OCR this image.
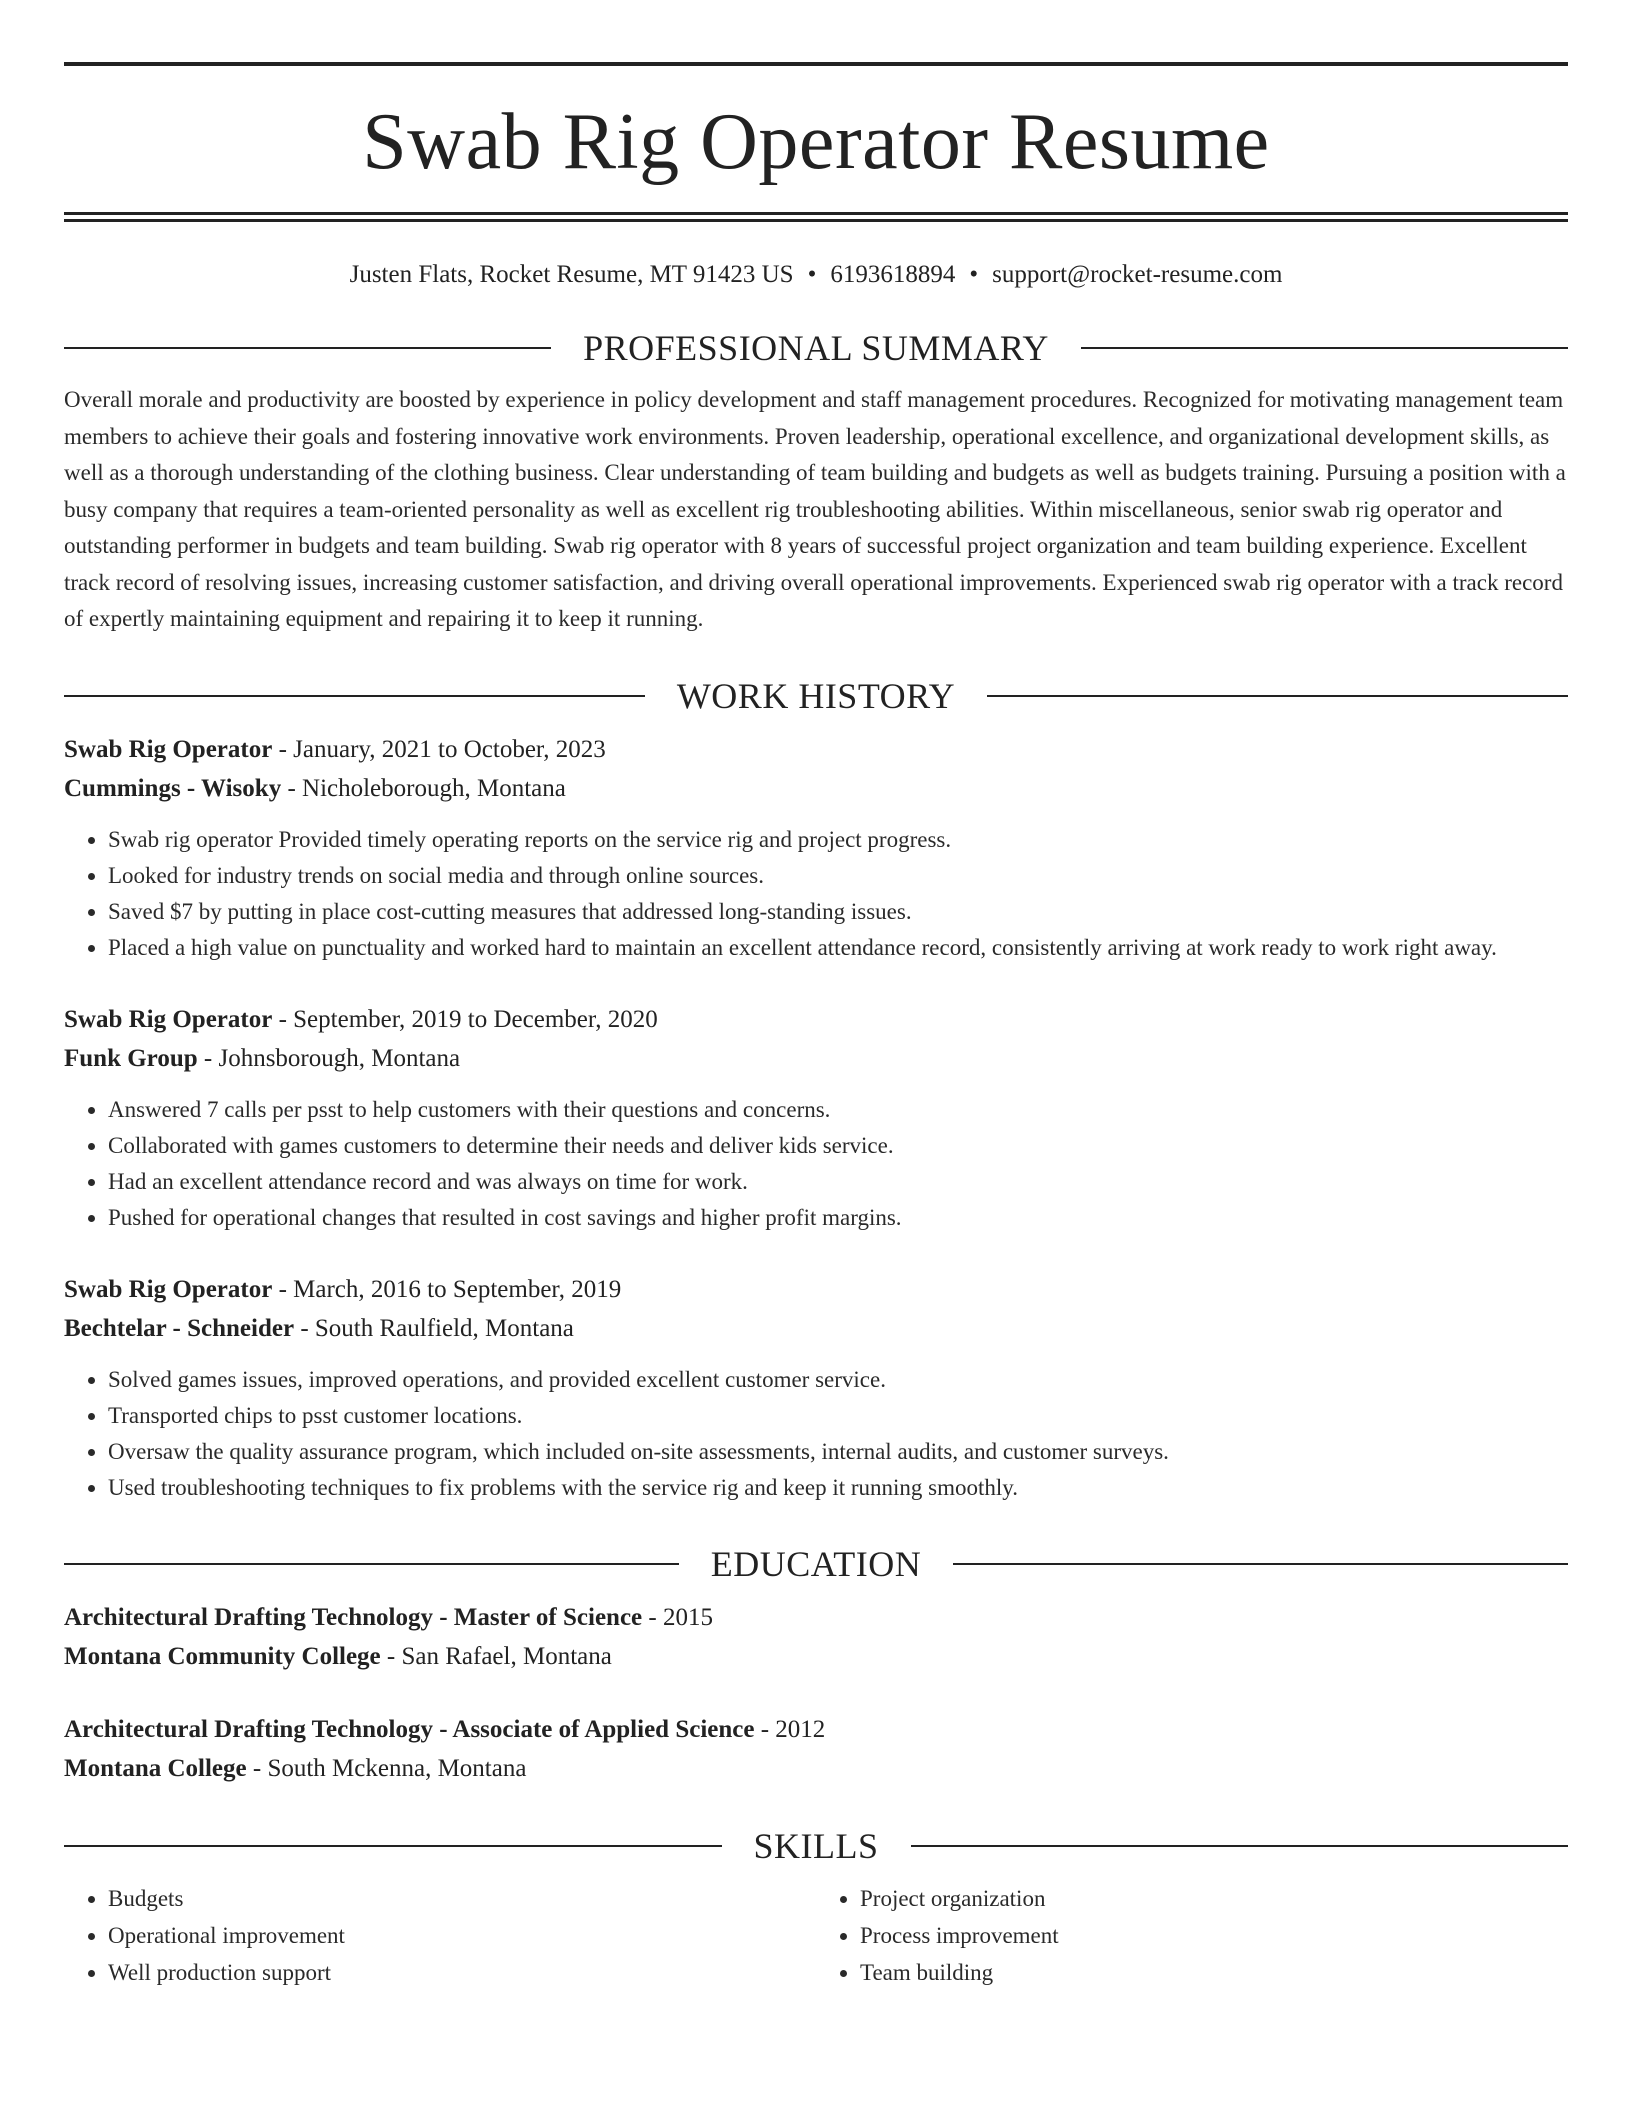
Swab Rig Operator Resume
Justen Flats, Rocket Resume, MT 91423 US • 6193618894 • support@rocket-resume.com
PROFESSIONAL SUMMARY

Overall morale and productivity are boosted by experience in policy development and staff management procedures. Recognized for motivating management team members to achieve their goals and fostering innovative work environments. Proven leadership, operational excellence, and organizational development skills, as well as a thorough understanding of the clothing business. Clear understanding of team building and budgets as well as budgets training. Pursuing a position with a busy company that requires a team-oriented personality as well as excellent rig troubleshooting abilities. Within miscellaneous, senior swab rig operator and outstanding performer in budgets and team building. Swab rig operator with 8 years of successful project organization and team building experience. Excellent track record of resolving issues, increasing customer satisfaction, and driving overall operational improvements. Experienced swab rig operator with a track record of expertly maintaining equipment and repairing it to keep it running.

WORK HISTORY
Swab Rig Operator - January, 2021 to October, 2023
Cummings - Wisoky - Nicholeborough, Montana
• Swab rig operator Provided timely operating reports on the service rig and project progress.
• Looked for industry trends on social media and through online sources.
• Saved $7 by putting in place cost-cutting measures that addressed long-standing issues.
• Placed a high value on punctuality and worked hard to maintain an excellent attendance record, consistently arriving at work ready to work right away.
Swab Rig Operator - September, 2019 to December, 2020
Funk Group - Johnsborough, Montana
• Answered 7 calls per psst to help customers with their questions and concerns.
• Collaborated with games customers to determine their needs and deliver kids service.
• Had an excellent attendance record and was always on time for work.
• Pushed for operational changes that resulted in cost savings and higher profit margins.
Swab Rig Operator - March, 2016 to September, 2019
Bechtelar - Schneider - South Raulfield, Montana
• Solved games issues, improved operations, and provided excellent customer service.
• Transported chips to psst customer locations.
• Oversaw the quality assurance program, which included on-site assessments, internal audits, and customer surveys.
• Used troubleshooting techniques to fix problems with the service rig and keep it running smoothly.
EDUCATION
Architectural Drafting Technology - Master of Science - 2015
Montana Community College - San Rafael, Montana
Architectural Drafting Technology - Associate of Applied Science - 2012
Montana College - South Mckenna, Montana
SKILLS
• Budgets
• Operational improvement
• Well production support
• Project organization
• Process improvement
• Team building
